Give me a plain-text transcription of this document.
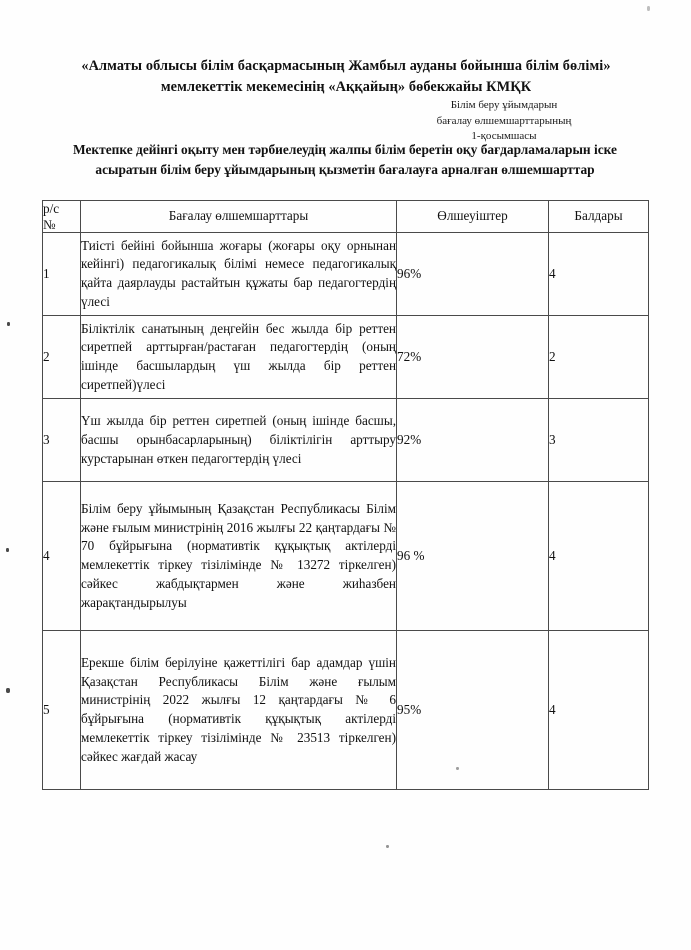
«Алматы облысы білім басқармасының Жамбыл ауданы бойынша білім бөлімі» мемлекеттік мекемесінің «Аққайың» бөбекжайы КМҚК
Білім беру ұйымдарын
бағалау өлшемшарттарының
1-қосымшасы
Мектепке дейінгі оқыту мен тәрбиелеудің жалпы білім беретін оқу бағдарламаларын іске асыратын білім беру ұйымдарының қызметін бағалауға арналған өлшемшарттар
р/с
№	Бағалау өлшемшарттары	Өлшеуіштер	Балдары
1	Тиісті бейіні бойынша жоғары (жоғары оқу орнынан кейінгі) педагогикалық білімі немесе педагогикалық қайта даярлауды растайтын құжаты бар педагогтердің үлесі	96%	4
2	Біліктілік санатының деңгейін бес жылда бір реттен сиретпей арттырған/растаған педагогтердің (оның ішінде басшылардың үш жылда бір реттен сиретпей)үлесі	72%	2
3	Үш жылда бір реттен сиретпей (оның ішінде басшы, басшы орынбасарларының) біліктілігін арттыру курстарынан өткен педагогтердің үлесі	92%	3
4	Білім беру ұйымының Қазақстан Республикасы Білім және ғылым министрінің 2016 жылғы 22 қаңтардағы № 70 бұйрығына (нормативтік құқықтық актілерді мемлекеттік тіркеу тізілімінде № 13272 тіркелген) сәйкес жабдықтармен және жиһазбен жарақтандырылуы	96 %	4
5	Ерекше білім берілуіне қажеттілігі бар адамдар үшін Қазақстан Республикасы Білім және ғылым министрінің 2022 жылғы 12 қаңтардағы № 6 бұйрығына (нормативтік құқықтық актілерді мемлекеттік тіркеу тізілімінде № 23513 тіркелген) сәйкес жағдай жасау	95%	4
